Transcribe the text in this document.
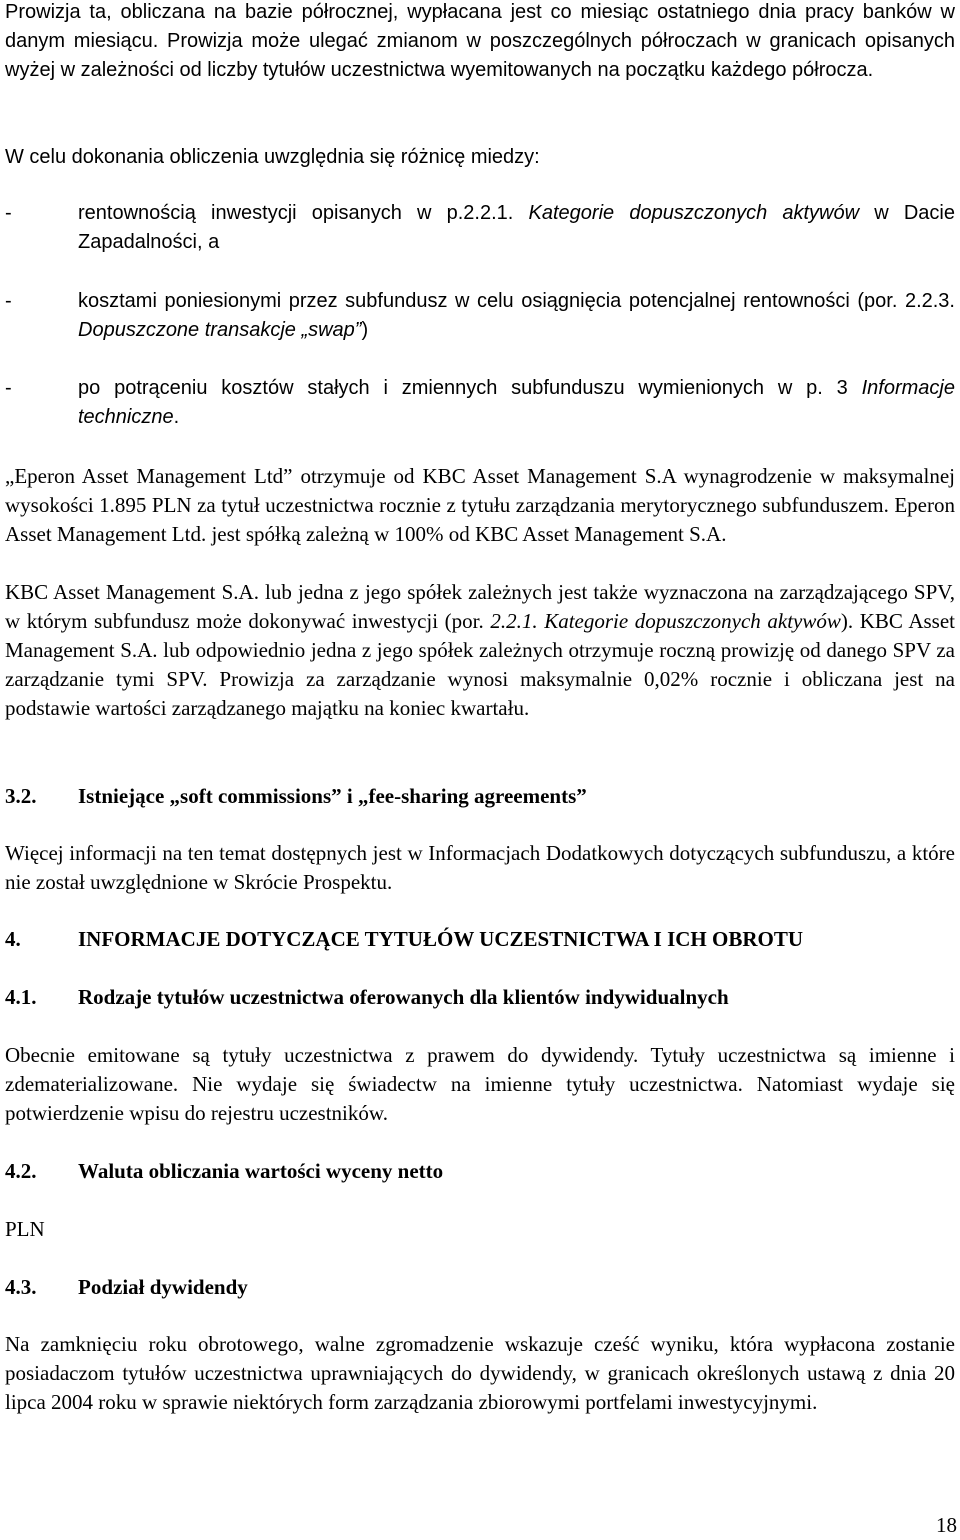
Prowizja ta, obliczana na bazie półrocznej, wypłacana jest co miesiąc ostatniego dnia pracy banków w danym miesiącu. Prowizja może ulegać zmianom w poszczególnych półroczach w granicach opisanych wyżej w zależności od liczby tytułów uczestnictwa wyemitowanych na początku każdego półrocza.

W celu dokonania obliczenia uwzględnia się różnicę miedzy:

-	rentownością inwestycji opisanych w p.2.2.1. Kategorie dopuszczonych aktywów w Dacie Zapadalności, a
-	kosztami poniesionymi przez subfundusz w celu osiągnięcia potencjalnej rentowności (por. 2.2.3. Dopuszczone transakcje „swap”)
-	po potrąceniu kosztów stałych i zmiennych subfunduszu wymienionych w p. 3 Informacje techniczne.

„Eperon Asset Management Ltd” otrzymuje od KBC Asset Management S.A wynagrodzenie w maksymalnej wysokości 1.895 PLN za tytuł uczestnictwa rocznie z tytułu zarządzania merytorycznego subfunduszem. Eperon Asset Management Ltd. jest spółką zależną w 100% od KBC Asset Management S.A.

KBC Asset Management S.A. lub jedna z jego spółek zależnych jest także wyznaczona na zarządzającego SPV, w którym subfundusz może dokonywać inwestycji (por. 2.2.1. Kategorie dopuszczonych aktywów). KBC Asset Management S.A. lub odpowiednio jedna z jego spółek zależnych otrzymuje roczną prowizję od danego SPV za zarządzanie tymi SPV. Prowizja za zarządzanie wynosi maksymalnie 0,02% rocznie i obliczana jest na podstawie wartości zarządzanego majątku na koniec kwartału.

3.2.	Istniejące „soft commissions” i „fee-sharing agreements”

Więcej informacji na ten temat dostępnych jest w Informacjach Dodatkowych dotyczących subfunduszu, a które nie został uwzględnione w Skrócie Prospektu.

4.	INFORMACJE DOTYCZĄCE TYTUŁÓW UCZESTNICTWA I ICH OBROTU
4.1.	Rodzaje tytułów uczestnictwa oferowanych dla klientów indywidualnych

Obecnie emitowane są tytuły uczestnictwa z prawem do dywidendy. Tytuły uczestnictwa są imienne i zdematerializowane. Nie wydaje się świadectw na imienne tytuły uczestnictwa. Natomiast wydaje się potwierdzenie wpisu do rejestru uczestników.

4.2.	Waluta obliczania wartości wyceny netto

PLN

4.3.	Podział dywidendy

Na zamknięciu roku obrotowego, walne zgromadzenie wskazuje cześć wyniku, która wypłacona zostanie posiadaczom tytułów uczestnictwa uprawniających do dywidendy, w granicach określonych ustawą z dnia 20 lipca 2004 roku w sprawie niektórych form zarządzania zbiorowymi portfelami inwestycyjnymi.

18
